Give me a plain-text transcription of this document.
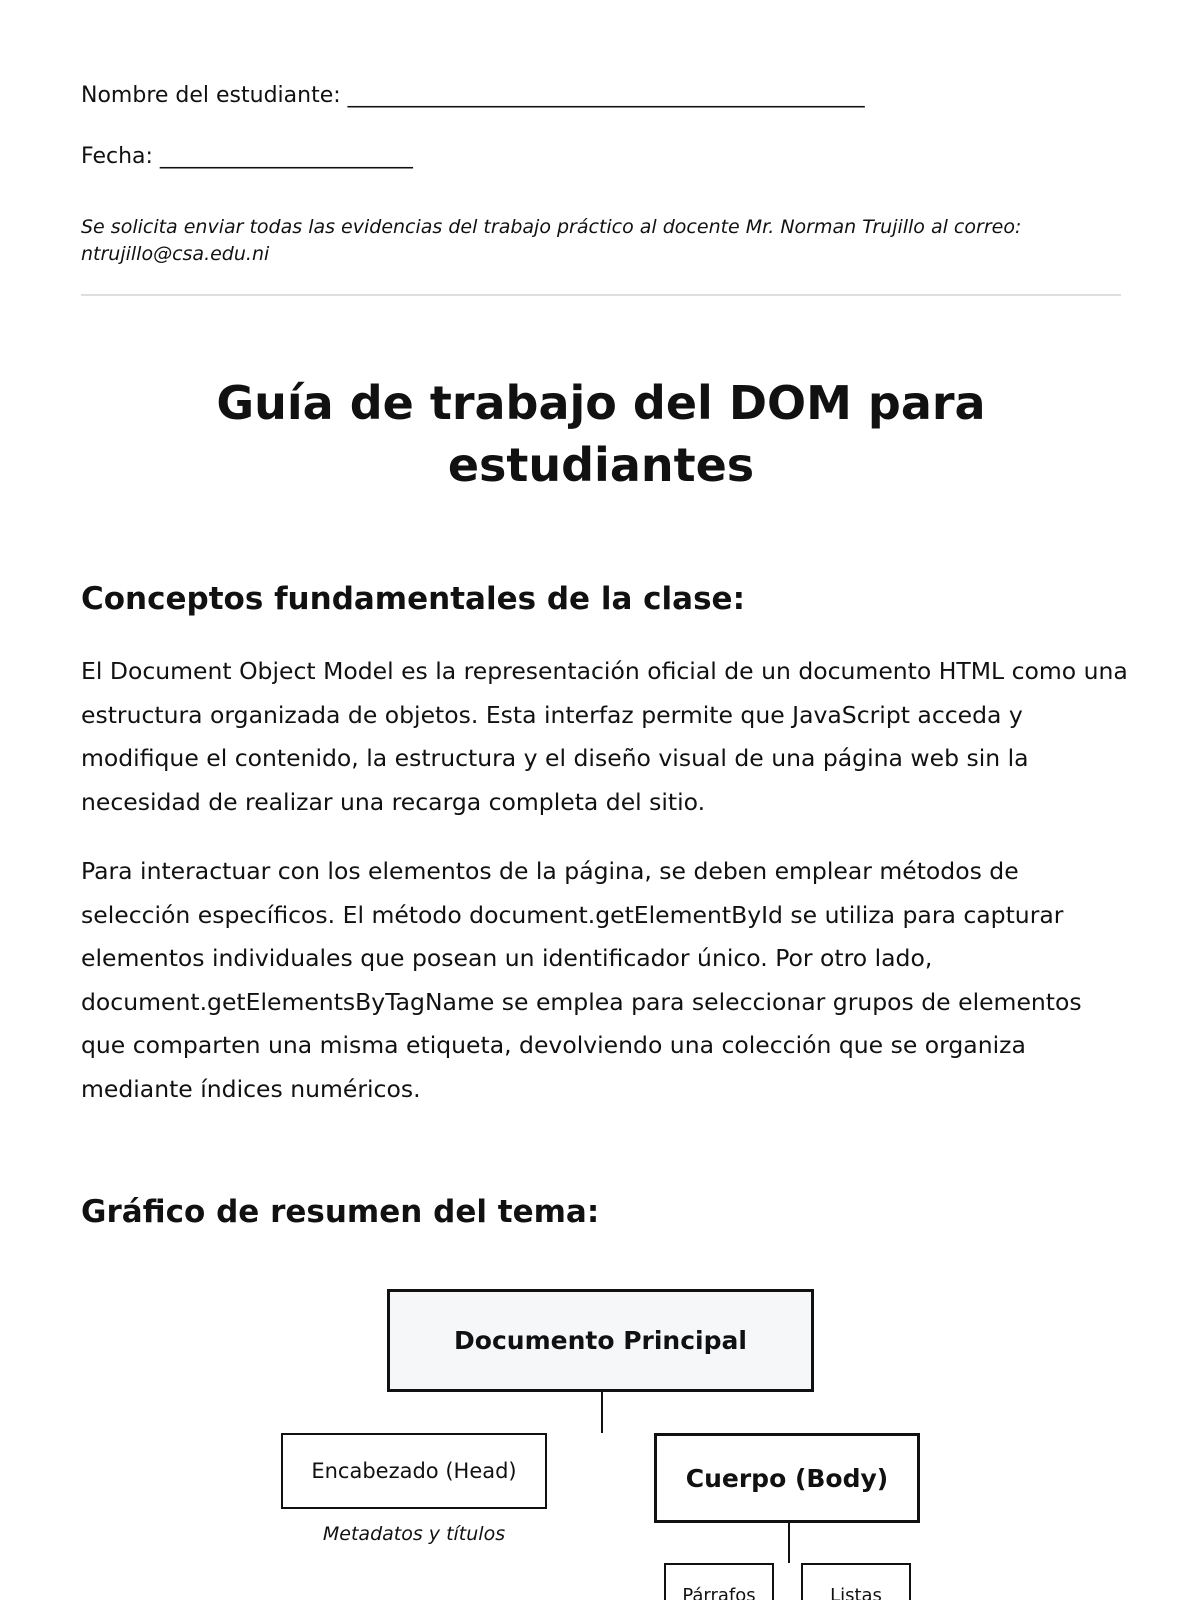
Nombre del estudiante: _______________________________________________

Fecha: _______________________

Se solicita enviar todas las evidencias del trabajo práctico al docente Mr. Norman Trujillo al correo: ntrujillo@csa.edu.ni

Guía de trabajo del DOM para estudiantes
Conceptos fundamentales de la clase:

El Document Object Model es la representación oficial de un documento HTML como una estructura organizada de objetos. Esta interfaz permite que JavaScript acceda y modifique el contenido, la estructura y el diseño visual de una página web sin la necesidad de realizar una recarga completa del sitio.

Para interactuar con los elementos de la página, se deben emplear métodos de selección específicos. El método document.getElementById se utiliza para capturar elementos individuales que posean un identificador único. Por otro lado, document.getElementsByTagName se emplea para seleccionar grupos de elementos que comparten una misma etiqueta, devolviendo una colección que se organiza mediante índices numéricos.

Gráfico de resumen del tema:
Documento Principal
Encabezado (Head)

Metadatos y títulos

Cuerpo (Body)
Párrafos	Listas
